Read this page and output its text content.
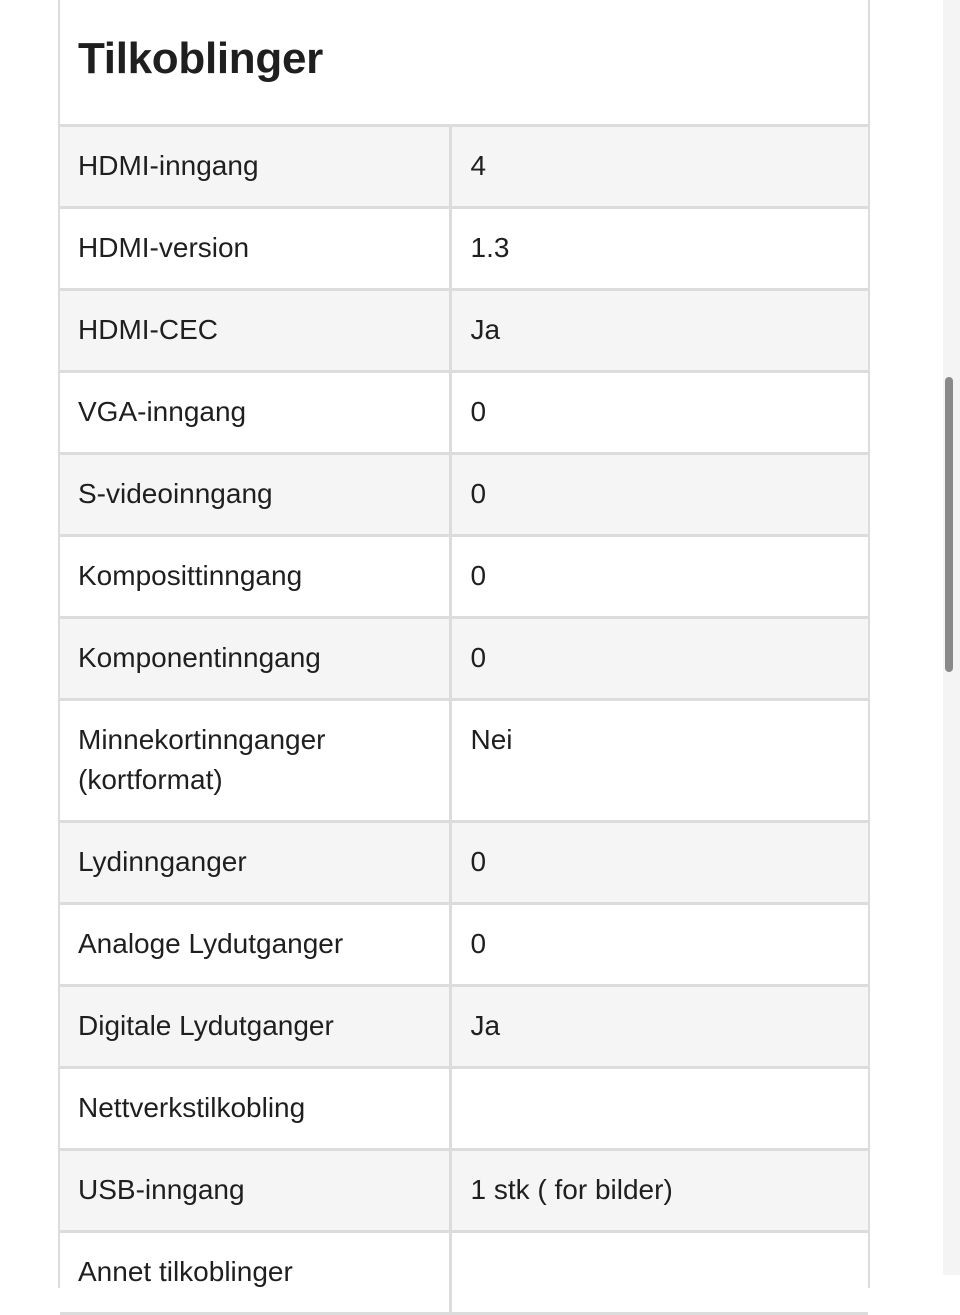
Tilkoblinger
HDMI-inngang	4
HDMI-version	1.3
HDMI-CEC	Ja
VGA-inngang	0
S-videoinngang	0
Komposittinngang	0
Komponentinngang	0
Minnekortinnganger (kortformat)	Nei
Lydinnganger	0
Analoge Lydutganger	0
Digitale Lydutganger	Ja
Nettverkstilkobling	
USB-inngang	1 stk ( for bilder)
Annet tilkoblinger	
